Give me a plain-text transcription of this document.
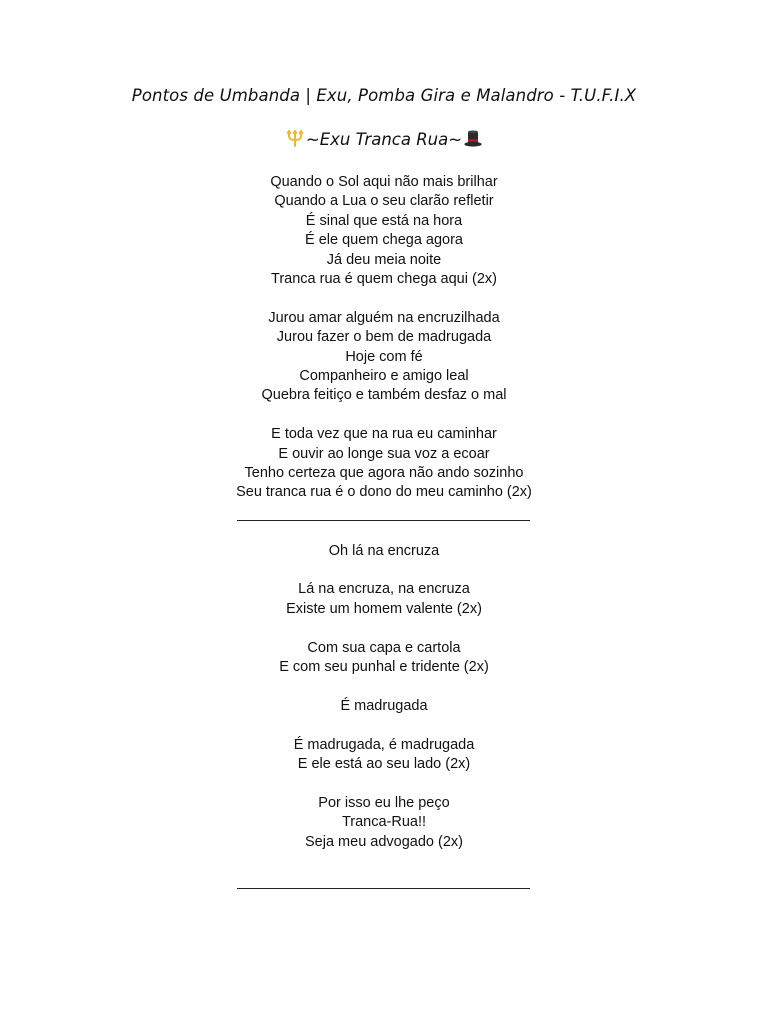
Pontos de Umbanda | Exu, Pomba Gira e Malandro - T.U.F.I.X
~Exu Tranca Rua~

Quando o Sol aqui não mais brilhar

Quando a Lua o seu clarão refletir

É sinal que está na hora

É ele quem chega agora

Já deu meia noite

Tranca rua é quem chega aqui (2x)

Jurou amar alguém na encruzilhada

Jurou fazer o bem de madrugada

Hoje com fé

Companheiro e amigo leal

Quebra feitiço e também desfaz o mal

E toda vez que na rua eu caminhar

E ouvir ao longe sua voz a ecoar

Tenho certeza que agora não ando sozinho

Seu tranca rua é o dono do meu caminho (2x)

Oh lá na encruza

Lá na encruza, na encruza

Existe um homem valente (2x)

Com sua capa e cartola

E com seu punhal e tridente (2x)

É madrugada

É madrugada, é madrugada

E ele está ao seu lado (2x)

Por isso eu lhe peço

Tranca-Rua!!

Seja meu advogado (2x)
